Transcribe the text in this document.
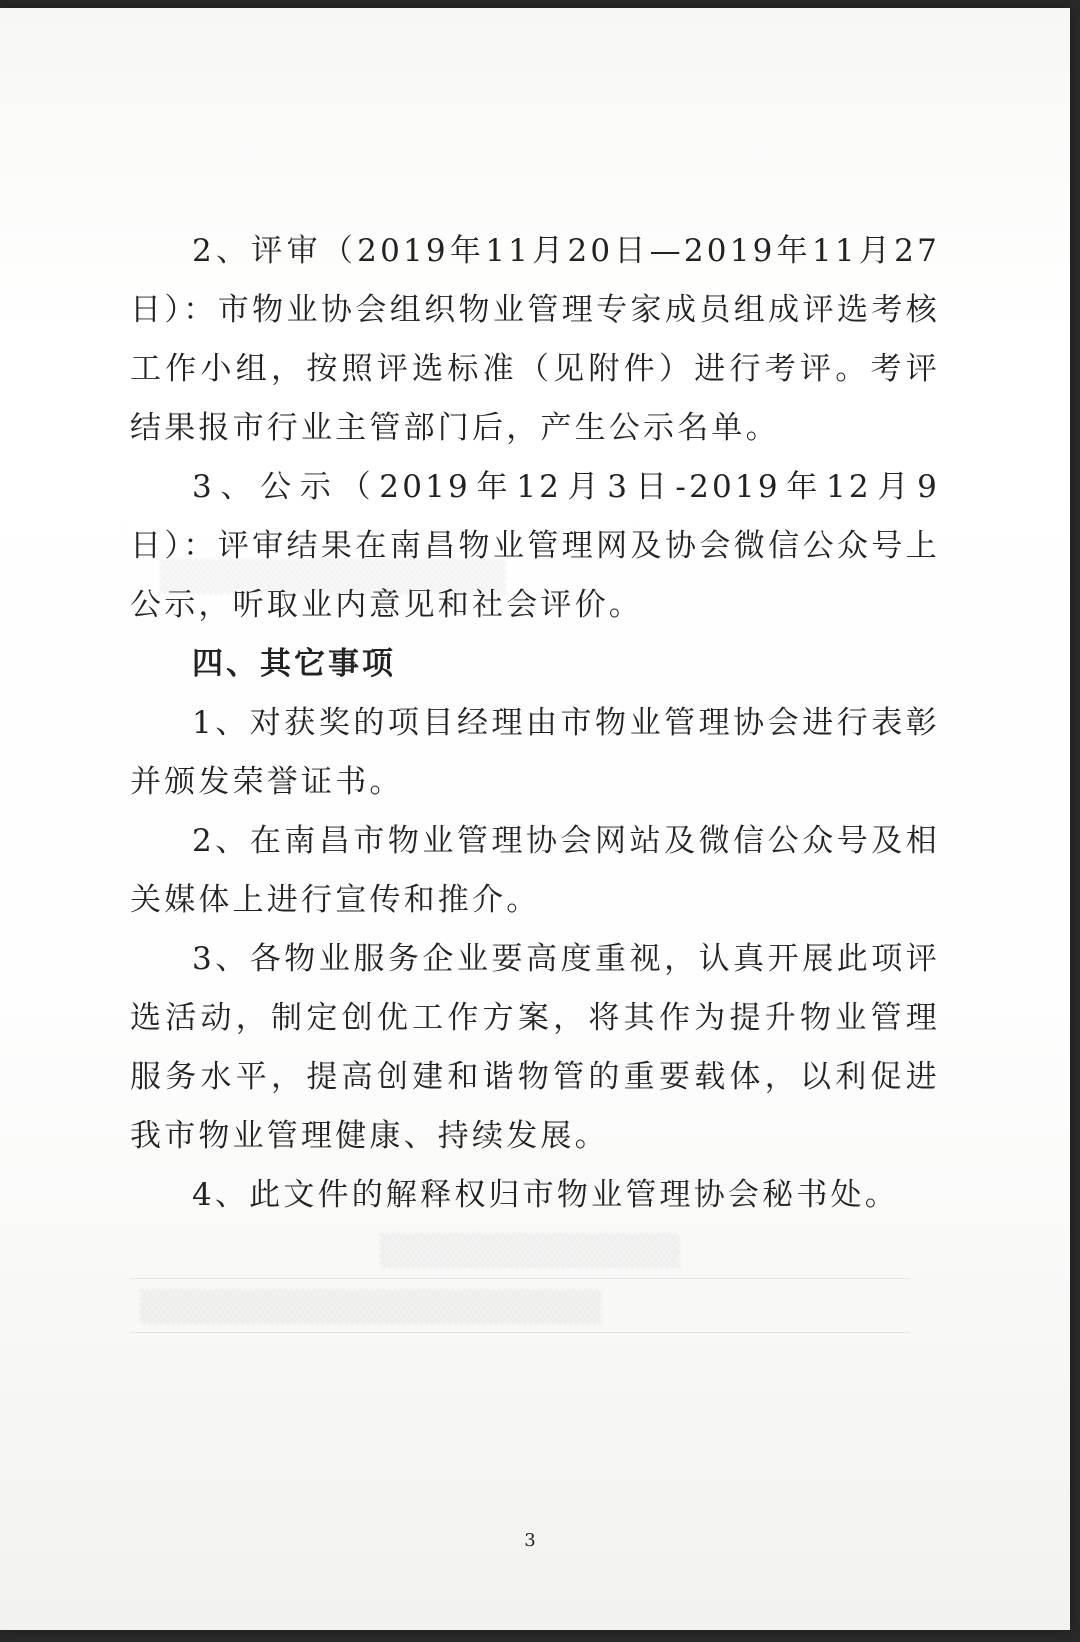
▒▒▒▒▒▒▒▒▒▒▒▒▒▒▒
▒▒▒▒▒▒▒▒▒▒▒▒▒
▒▒▒▒▒▒▒▒▒▒▒▒▒▒▒▒▒▒▒▒

2、评审（2019年11月20日—2019年11月27日）：市物业协会组织物业管理专家成员组成评选考核工作小组，按照评选标准（见附件）进行考评。考评结果报市行业主管部门后，产生公示名单。

3、公示（2019年12月3日-2019年12月9日）：评审结果在南昌物业管理网及协会微信公众号上公示，听取业内意见和社会评价。

四、其它事项

1、对获奖的项目经理由市物业管理协会进行表彰并颁发荣誉证书。

2、在南昌市物业管理协会网站及微信公众号及相关媒体上进行宣传和推介。

3、各物业服务企业要高度重视，认真开展此项评选活动，制定创优工作方案，将其作为提升物业管理服务水平，提高创建和谐物管的重要载体，以利促进我市物业管理健康、持续发展。

4、此文件的解释权归市物业管理协会秘书处。

3
